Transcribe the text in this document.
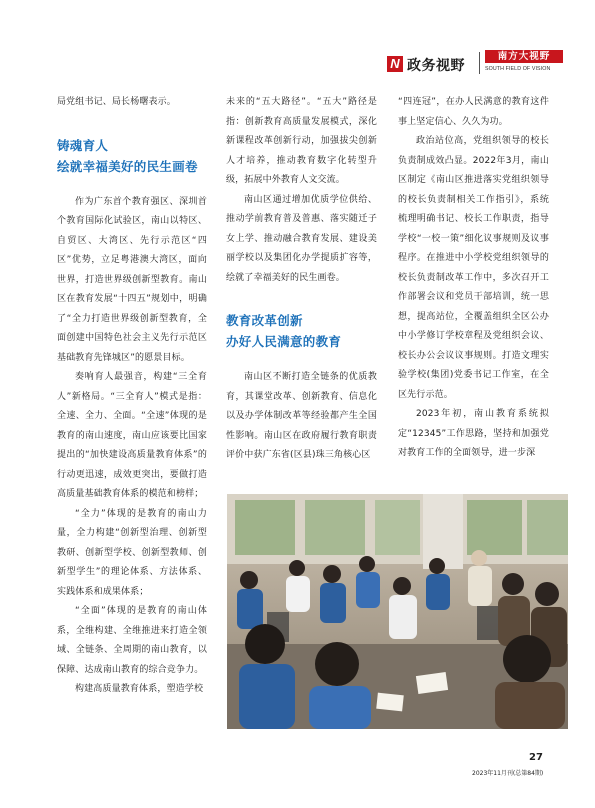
N 政务视野
南方大视野
SOUTH FIELD OF VISION

局党组书记、局长杨曙表示。

铸魂育人

绘就幸福美好的民生画卷

作为广东首个教育强区、深圳首个教育国际化试验区，南山以特区、自贸区、大湾区、先行示范区“四区”优势，立足粤港澳大湾区，面向世界，打造世界级创新型教育。南山区在教育发展“十四五”规划中，明确了“全力打造世界级创新型教育，全面创建中国特色社会主义先行示范区基础教育先锋城区”的愿景目标。

奏响育人最强音，构建“三全育人”新格局。“三全育人”模式是指：全速、全力、全面。“全速”体现的是教育的南山速度，南山应该要比国家提出的“加快建设高质量教育体系”的行动更迅速，成效更突出，要做打造高质量基础教育体系的模范和榜样；

“全力”体现的是教育的南山力量，全力构建“创新型治理、创新型教研、创新型学校、创新型教师、创新型学生”的理论体系、方法体系、实践体系和成果体系；

“全面”体现的是教育的南山体系，全维构建、全维推进来打造全领域、全链条、全周期的南山教育，以保障、达成南山教育的综合竞争力。

构建高质量教育体系，塑造学校

未来的“五大路径”。“五大”路径是指：创新教育高质量发展模式，深化新课程改革创新行动，加强拔尖创新人才培养，推动教育数字化转型升级，拓展中外教育人文交流。

南山区通过增加优质学位供给、推动学前教育普及普惠、落实随迁子女上学、推动融合教育发展、建设美丽学校以及集团化办学提质扩容等，绘就了幸福美好的民生画卷。

教育改革创新

办好人民满意的教育

南山区不断打造全链条的优质教育，其课堂改革、创新教育、信息化以及办学体制改革等经验都产生全国性影响。南山区在政府履行教育职责评价中获广东省(区县)珠三角核心区

“四连冠”，在办人民满意的教育这件事上坚定信心、久久为功。

政治站位高，党组织领导的校长负责制成效凸显。2022年3月，南山区制定《南山区推进落实党组织领导的校长负责制相关工作指引》，系统梳理明确书记、校长工作职责，指导学校“一校一策”细化议事规则及议事程序。在推进中小学校党组织领导的校长负责制改革工作中，多次召开工作部署会议和党员干部培训，统一思想，提高站位，全覆盖组织全区公办中小学修订学校章程及党组织会议、校长办公会议议事规则。打造文理实验学校(集团)党委书记工作室，在全区先行示范。

2023年初，南山教育系统拟定“12345”工作思路，坚持和加强党对教育工作的全面领导，进一步深

27
2023年11月刊(总第84期)
